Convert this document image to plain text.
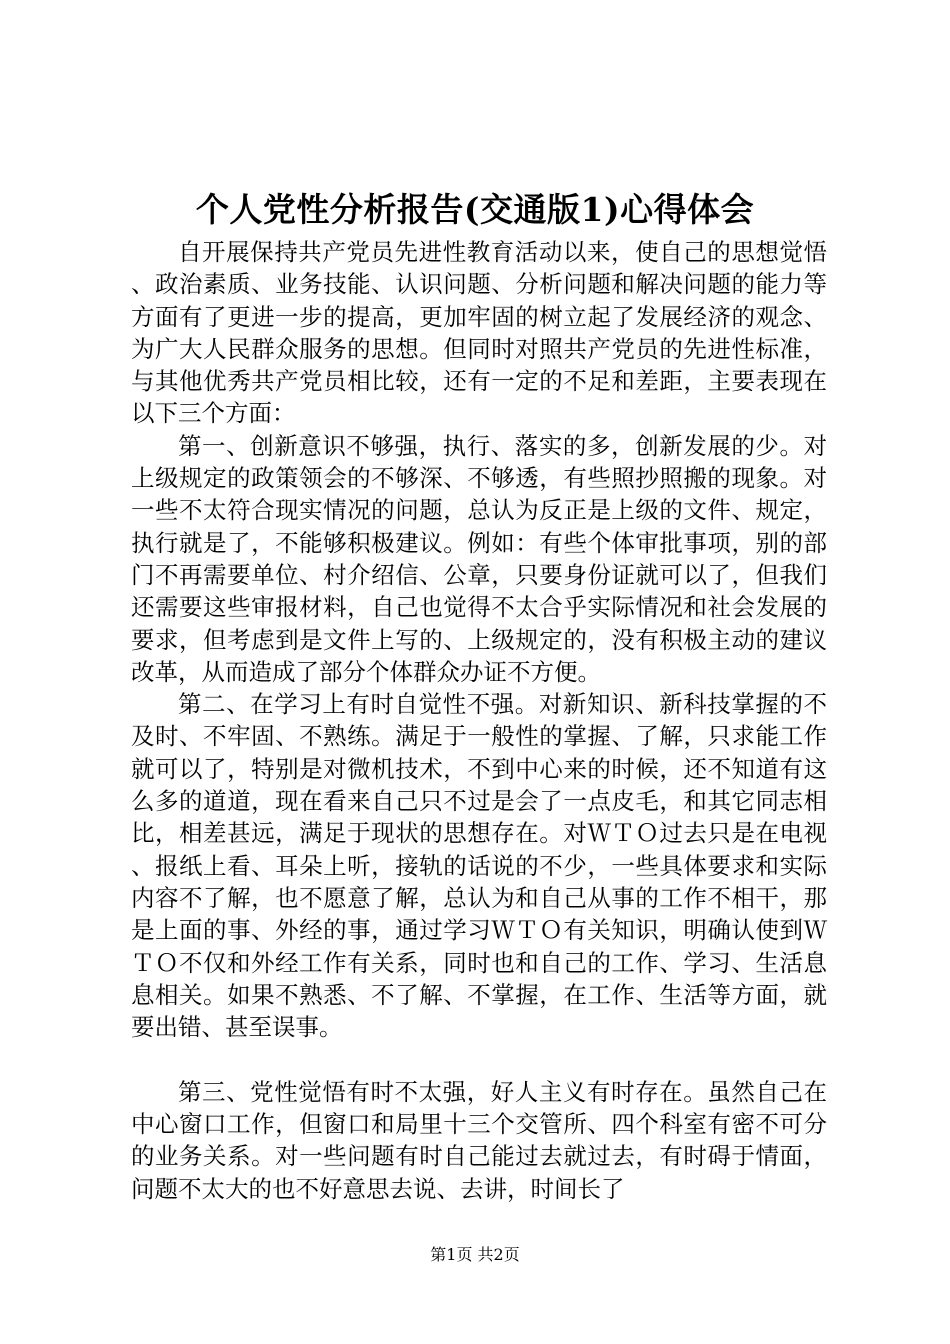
个人党性分析报告(交通版1)心得体会

自开展保持共产党员先进性教育活动以来，使自己的思想觉悟、政治素质、业务技能、认识问题、分析问题和解决问题的能力等方面有了更进一步的提高，更加牢固的树立起了发展经济的观念、为广大人民群众服务的思想。但同时对照共产党员的先进性标准，与其他优秀共产党员相比较，还有一定的不足和差距，主要表现在以下三个方面：

第一、创新意识不够强，执行、落实的多，创新发展的少。对上级规定的政策领会的不够深、不够透，有些照抄照搬的现象。对一些不太符合现实情况的问题，总认为反正是上级的文件、规定，执行就是了，不能够积极建议。例如：有些个体审批事项，别的部门不再需要单位、村介绍信、公章，只要身份证就可以了，但我们还需要这些审报材料，自己也觉得不太合乎实际情况和社会发展的要求，但考虑到是文件上写的、上级规定的，没有积极主动的建议改革，从而造成了部分个体群众办证不方便。

第二、在学习上有时自觉性不强。对新知识、新科技掌握的不及时、不牢固、不熟练。满足于一般性的掌握、了解，只求能工作就可以了，特别是对微机技术，不到中心来的时候，还不知道有这么多的道道，现在看来自己只不过是会了一点皮毛，和其它同志相比，相差甚远，满足于现状的思想存在。对ＷＴＯ过去只是在电视、报纸上看、耳朵上听，接轨的话说的不少，一些具体要求和实际内容不了解，也不愿意了解，总认为和自己从事的工作不相干，那是上面的事、外经的事，通过学习ＷＴＯ有关知识，明确认使到ＷＴＯ不仅和外经工作有关系，同时也和自己的工作、学习、生活息息相关。如果不熟悉、不了解、不掌握，在工作、生活等方面，就要出错、甚至误事。

第三、党性觉悟有时不太强，好人主义有时存在。虽然自己在中心窗口工作，但窗口和局里十三个交管所、四个科室有密不可分的业务关系。对一些问题有时自己能过去就过去，有时碍于情面，问题不太大的也不好意思去说、去讲，时间长了

第1页 共2页
